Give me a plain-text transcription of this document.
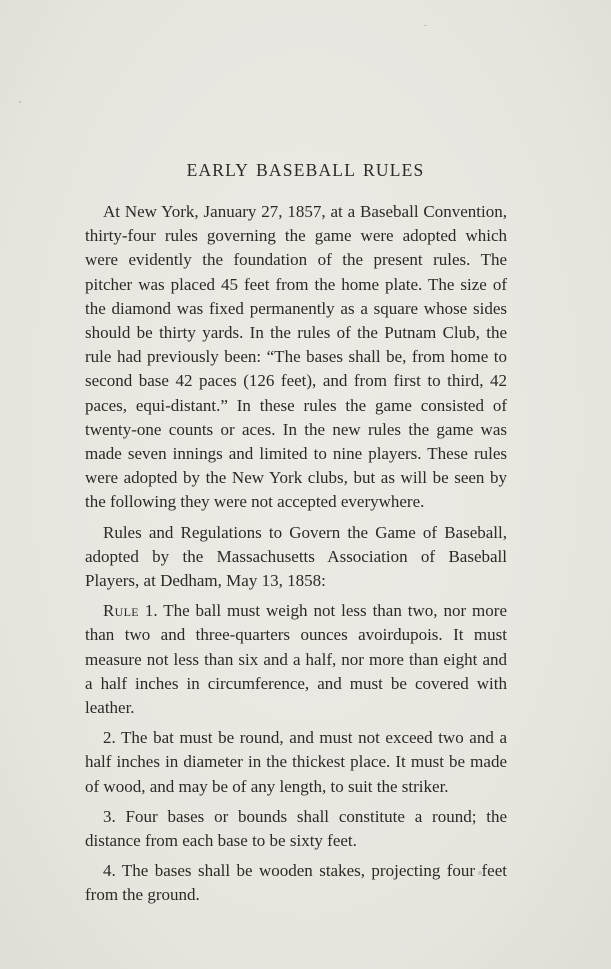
EARLY BASEBALL RULES

At New York, January 27, 1857, at a Baseball Convention, thirty-four rules governing the game were adopted which were evidently the foundation of the present rules. The pitcher was placed 45 feet from the home plate. The size of the diamond was fixed permanently as a square whose sides should be thirty yards. In the rules of the Putnam Club, the rule had previously been: “The bases shall be, from home to second base 42 paces (126 feet), and from first to third, 42 paces, equi-distant.” In these rules the game consisted of twenty-one counts or aces. In the new rules the game was made seven innings and limited to nine players. These rules were adopted by the New York clubs, but as will be seen by the following they were not accepted everywhere.

Rules and Regulations to Govern the Game of Baseball, adopted by the Massachusetts Association of Baseball Players, at Dedham, May 13, 1858:

Rule 1. The ball must weigh not less than two, nor more than two and three-quarters ounces avoirdupois. It must measure not less than six and a half, nor more than eight and a half inches in circumference, and must be covered with leather.

2. The bat must be round, and must not exceed two and a half inches in diameter in the thickest place. It must be made of wood, and may be of any length, to suit the striker.

3. Four bases or bounds shall constitute a round; the distance from each base to be sixty feet.

4. The bases shall be wooden stakes, projecting four feet from the ground.
